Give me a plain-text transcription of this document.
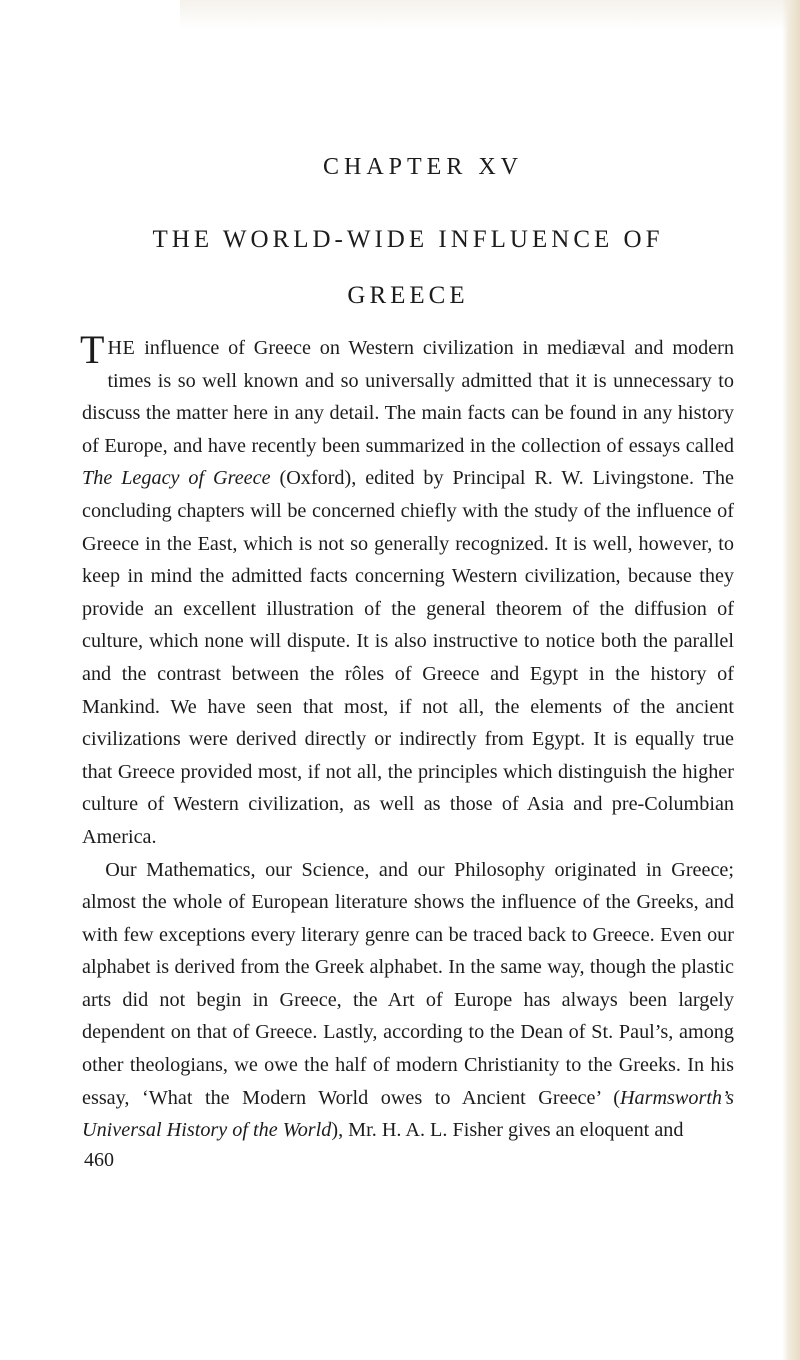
CHAPTER XV
THE WORLD-WIDE INFLUENCE OF
GREECE

THE influence of Greece on Western civilization in mediæval and modern times is so well known and so universally admitted that it is unnecessary to discuss the matter here in any detail. The main facts can be found in any history of Europe, and have recently been summarized in the collection of essays called The Legacy of Greece (Oxford), edited by Principal R. W. Livingstone. The concluding chapters will be concerned chiefly with the study of the influence of Greece in the East, which is not so generally recognized. It is well, however, to keep in mind the admitted facts concerning Western civilization, because they provide an excellent illustration of the general theorem of the diffusion of culture, which none will dispute. It is also instructive to notice both the parallel and the contrast between the rôles of Greece and Egypt in the history of Mankind. We have seen that most, if not all, the elements of the ancient civilizations were derived directly or indirectly from Egypt. It is equally true that Greece provided most, if not all, the principles which distinguish the higher culture of Western civilization, as well as those of Asia and pre-Columbian America.

Our Mathematics, our Science, and our Philosophy originated in Greece; almost the whole of European literature shows the influence of the Greeks, and with few exceptions every literary genre can be traced back to Greece. Even our alphabet is derived from the Greek alphabet. In the same way, though the plastic arts did not begin in Greece, the Art of Europe has always been largely dependent on that of Greece. Lastly, according to the Dean of St. Paul’s, among other theologians, we owe the half of modern Christianity to the Greeks. In his essay, ‘What the Modern World owes to Ancient Greece’ (Harmsworth’s Universal History of the World), Mr. H. A. L. Fisher gives an eloquent and

460
